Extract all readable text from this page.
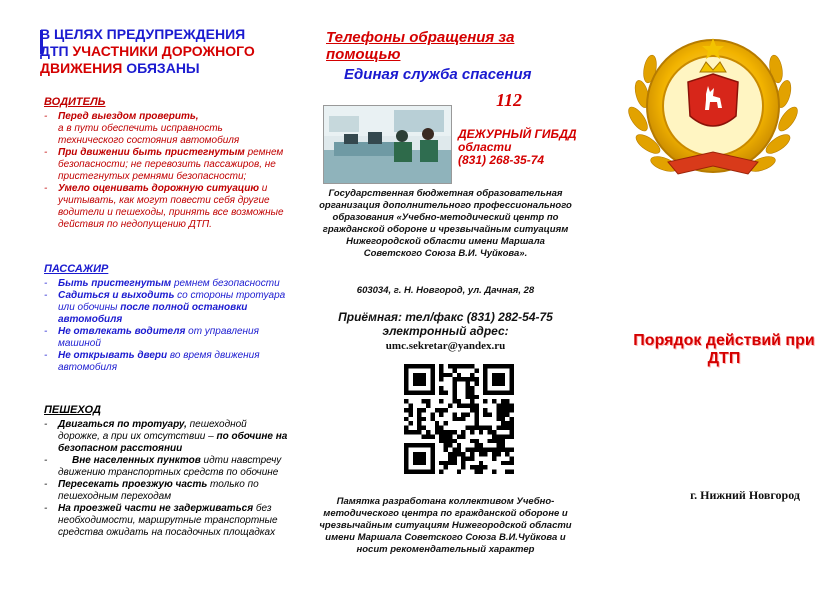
В ЦЕЛЯХ ПРЕДУПРЕЖДЕНИЯ
ДТП УЧАСТНИКИ ДОРОЖНОГО
ДВИЖЕНИЯ ОБЯЗАНЫ
ВОДИТЕЛЬ
- Перед выездом проверить,
а в пути обеспечить исправность технического состояния автомобиля
- При движении быть пристегнутым ремнем безопасности; не перевозить пассажиров, не пристегнутых ремнями безопасности;
- Умело оценивать дорожную ситуацию и учитывать, как могут повести себя другие водители и пешеходы, принять все возможные действия по недопущению ДТП.
ПАССАЖИР
- Быть пристегнутым ремнем безопасности
- Садиться и выходить со стороны тротуара или обочины после полной остановки автомобиля
- Не отвлекать водителя от управления машиной
- Не открывать двери во время движения автомобиля
ПЕШЕХОД
- Двигаться по тротуару, пешеходной дорожке, а при их отсутствии – по обочине на безопасном расстоянии
- Вне населенных пунктов идти навстречу движению транспортных средств по обочине
- Пересекать проезжую часть только по пешеходным переходам
- На проезжей части не задерживаться без необходимости, маршрутные транспортные средства ожидать на посадочных площадках
Телефоны обращения за помощью
Единая служба спасения
112
ДЕЖУРНЫЙ ГИБДД области
(831) 268-35-74
Государственная бюджетная образовательная организация дополнительного профессионального образования «Учебно-методический центр по гражданской обороне и чрезвычайным ситуациям Нижегородской области имени Маршала Советского Союза В.И. Чуйкова».
603034, г. Н. Новгород, ул. Дачная, 28
Приёмная: тел/факс (831) 282-54-75
электронный адрес:
umc.sekretar@yandex.ru
Памятка разработана коллективом Учебно-методического центра по гражданской обороне и чрезвычайным ситуациям Нижегородской области имени Маршала Советского Союза В.И.Чуйкова и носит рекомендательный характер
Порядок действий при ДТП
г. Нижний Новгород
